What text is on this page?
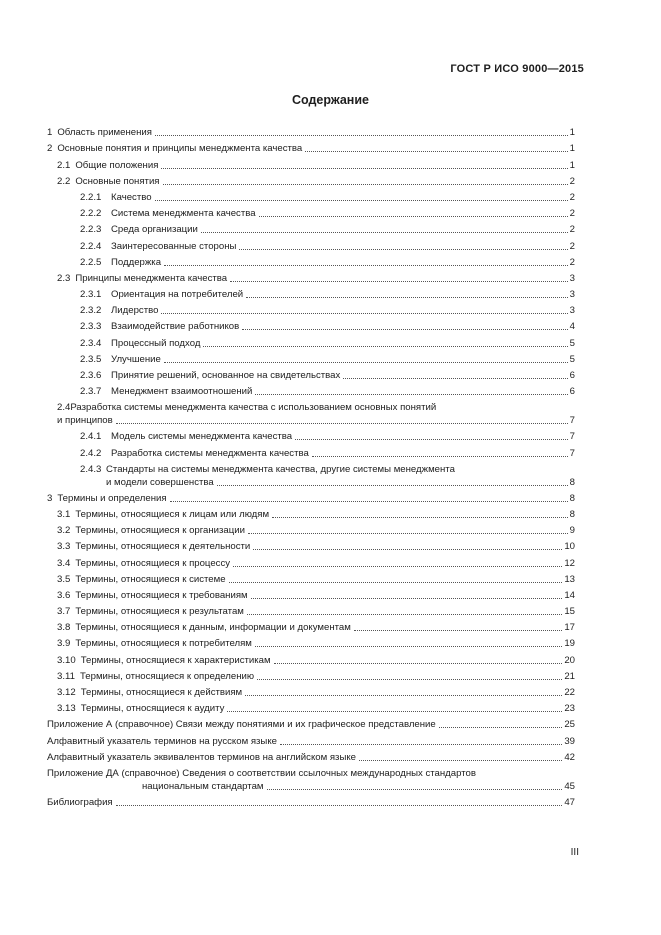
ГОСТ Р ИСО 9000—2015
Содержание
1 Область применения	1
2 Основные понятия и принципы менеджмента качества	1
2.1 Общие положения	1
2.2 Основные понятия	2
2.2.1	Качество	2
2.2.2	Система менеджмента качества	2
2.2.3	Среда организации	2
2.2.4	Заинтересованные стороны	2
2.2.5	Поддержка	2
2.3 Принципы менеджмента качества	3
2.3.1	Ориентация на потребителей	3
2.3.2	Лидерство	3
2.3.3	Взаимодействие работников	4
2.3.4	Процессный подход	5
2.3.5	Улучшение	5
2.3.6	Принятие решений, основанное на свидетельствах	6
2.3.7	Менеджмент взаимоотношений	6
2.4 Разработка системы менеджмента качества с использованием основных понятий
и принципов	7
2.4.1	Модель системы менеджмента качества	7
2.4.2	Разработка системы менеджмента качества	7
2.4.3 Стандарты на системы менеджмента качества, другие системы менеджмента
и модели совершенства	8
3 Термины и определения	8
3.1 Термины, относящиеся к лицам или людям	8
3.2 Термины, относящиеся к организации	9
3.3 Термины, относящиеся к деятельности	10
3.4 Термины, относящиеся к процессу	12
3.5 Термины, относящиеся к системе	13
3.6 Термины, относящиеся к требованиям	14
3.7 Термины, относящиеся к результатам	15
3.8 Термины, относящиеся к данным, информации и документам	17
3.9 Термины, относящиеся к потребителям	19
3.10 Термины, относящиеся к характеристикам	20
3.11 Термины, относящиеся к определению	21
3.12 Термины, относящиеся к действиям	22
3.13 Термины, относящиеся к аудиту	23
Приложение А (справочное) Связи между понятиями и их графическое представление	25
Алфавитный указатель терминов на русском языке	39
Алфавитный указатель эквивалентов терминов на английском языке	42
Приложение ДА (справочное) Сведения о соответствии ссылочных международных стандартов
национальным стандартам	45
Библиография	47
III
